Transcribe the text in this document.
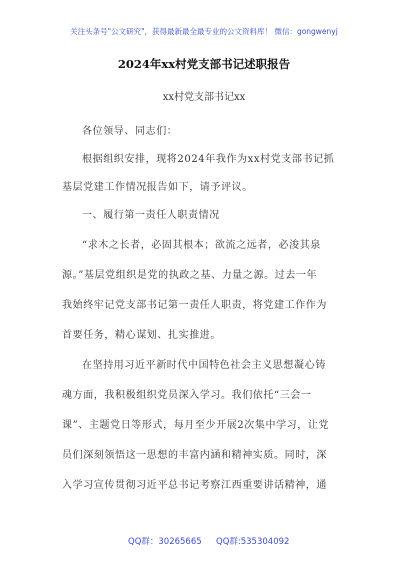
关注头条号"公文研究"，获得最新最全最专业的公文资料库！ 微信：gongwenyj
2024年xx村党支部书记述职报告
xx村党支部书记xx
各位领导、同志们：
根据组织安排，现将2024年我作为xx村党支部书记抓
基层党建工作情况报告如下，请予评议。
一、履行第一责任人职责情况
“求木之长者，必固其根本；欲流之远者，必浚其泉
源。”基层党组织是党的执政之基、力量之源。过去一年
我始终牢记党支部书记第一责任人职责，将党建工作作为
首要任务，精心谋划、扎实推进。
在坚持用习近平新时代中国特色社会主义思想凝心铸
魂方面，我积极组织党员深入学习。我们依托“三会一
课”、主题党日等形式，每月至少开展2次集中学习，让党
员们深刻领悟这一思想的丰富内涵和精神实质。同时，深
入学习宣传贯彻习近平总书记考察江西重要讲话精神，通
QQ群：30265665 QQ群:535304092
